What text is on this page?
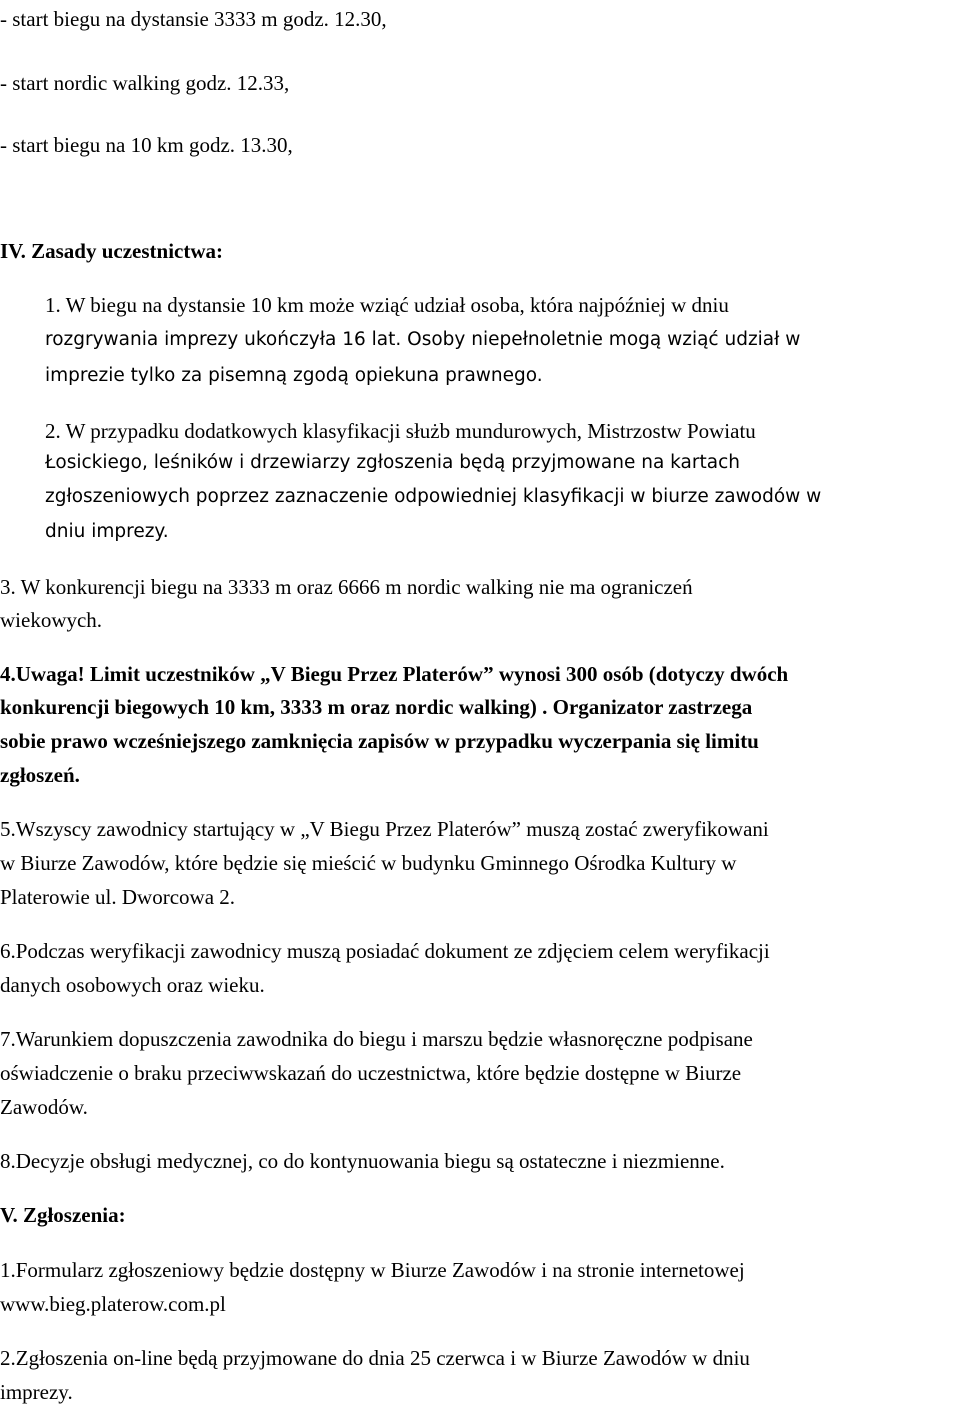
- start biegu na dystansie 3333 m godz. 12.30,

- start nordic walking godz. 12.33,

- start biegu na 10 km godz. 13.30,

IV. Zasady uczestnictwa:

1. W biegu na dystansie 10 km może wziąć udział osoba, która najpóźniej w dniu

rozgrywania imprezy ukończyła 16 lat. Osoby niepełnoletnie mogą wziąć udział w

imprezie tylko za pisemną zgodą opiekuna prawnego.

2. W przypadku dodatkowych klasyfikacji służb mundurowych, Mistrzostw Powiatu

Łosickiego, leśników i drzewiarzy zgłoszenia będą przyjmowane na kartach

zgłoszeniowych poprzez zaznaczenie odpowiedniej klasyfikacji w biurze zawodów w

dniu imprezy.

3. W konkurencji biegu na 3333 m oraz 6666 m nordic walking nie ma ograniczeń

wiekowych.

4.Uwaga! Limit uczestników „V Biegu Przez Platerów” wynosi 300 osób (dotyczy dwóch

konkurencji biegowych 10 km, 3333 m oraz nordic walking) . Organizator zastrzega

sobie prawo wcześniejszego zamknięcia zapisów w przypadku wyczerpania się limitu

zgłoszeń.

5.Wszyscy zawodnicy startujący w „V Biegu Przez Platerów” muszą zostać zweryfikowani

w Biurze Zawodów, które będzie się mieścić w budynku Gminnego Ośrodka Kultury w

Platerowie ul. Dworcowa 2.

6.Podczas weryfikacji zawodnicy muszą posiadać dokument ze zdjęciem celem weryfikacji

danych osobowych oraz wieku.

7.Warunkiem dopuszczenia zawodnika do biegu i marszu będzie własnoręczne podpisane

oświadczenie o braku przeciwwskazań do uczestnictwa, które będzie dostępne w Biurze

Zawodów.

8.Decyzje obsługi medycznej, co do kontynuowania biegu są ostateczne i niezmienne.

V. Zgłoszenia:

1.Formularz zgłoszeniowy będzie dostępny w Biurze Zawodów i na stronie internetowej

www.bieg.platerow.com.pl

2.Zgłoszenia on-line będą przyjmowane do dnia 25 czerwca i w Biurze Zawodów w dniu

imprezy.
